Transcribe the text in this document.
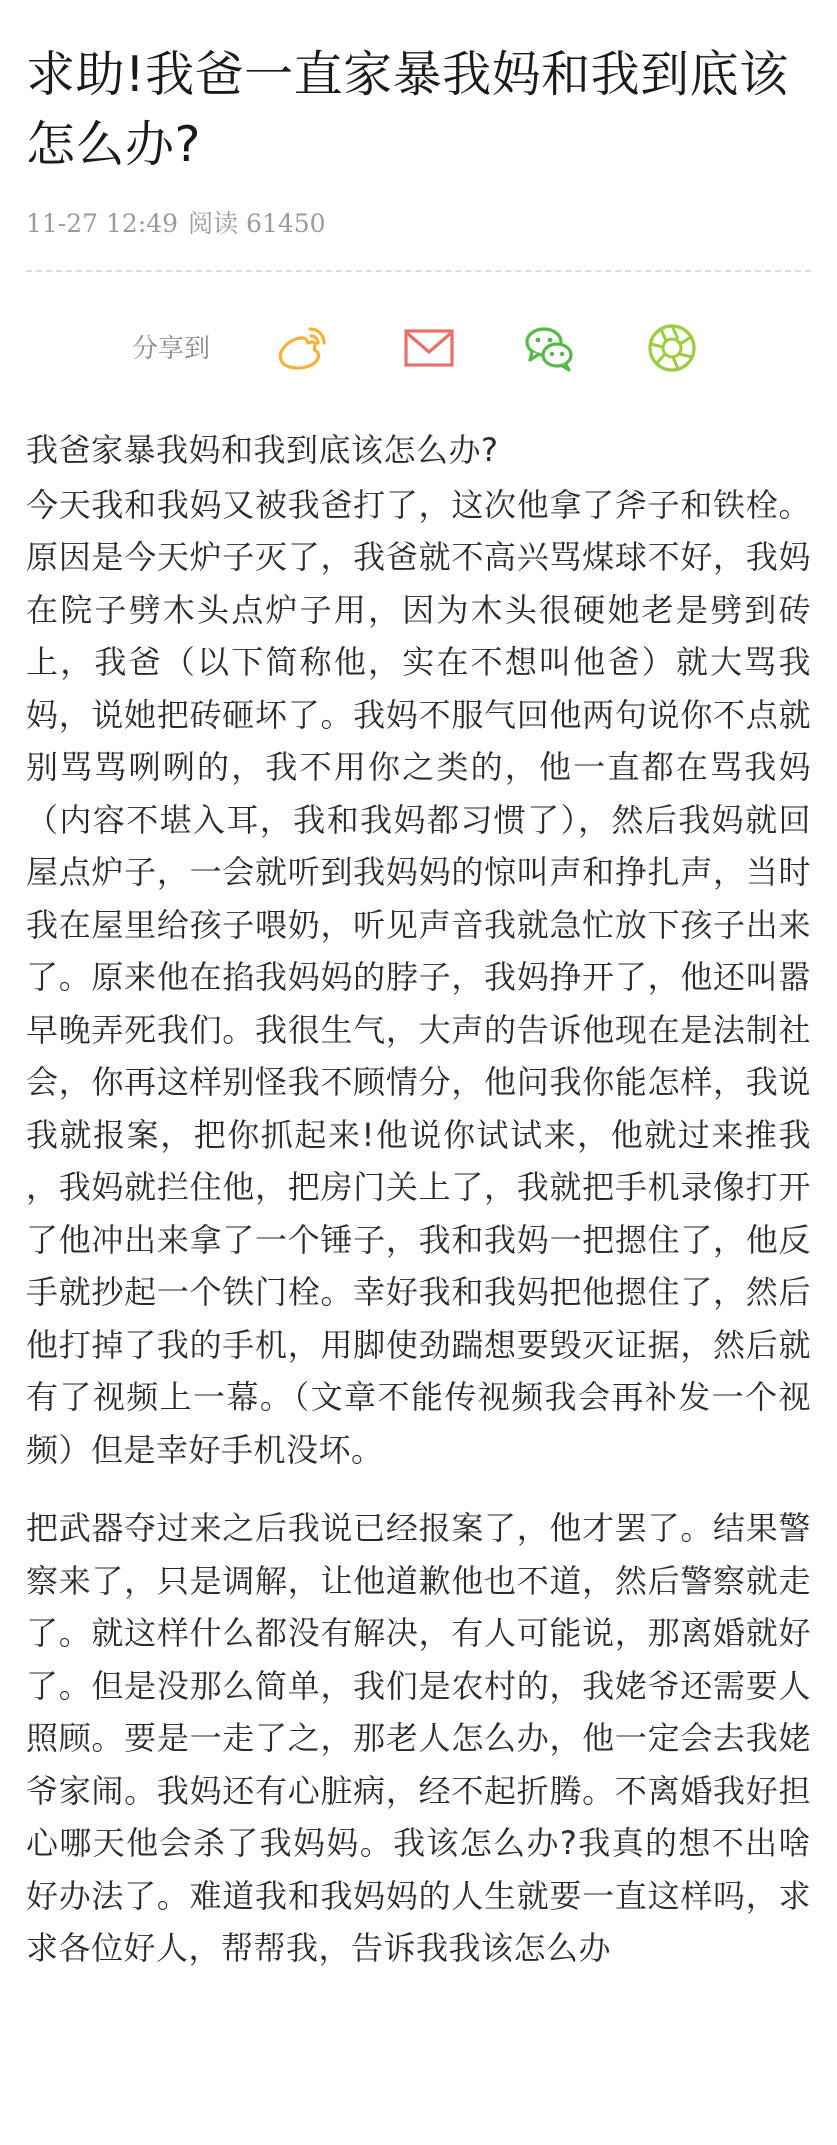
求助!我爸一直家暴我妈和我到底该怎么办?
11-27 12:49 阅读 61450
分享到

我爸家暴我妈和我到底该怎么办?

今天我和我妈又被我爸打了，这次他拿了斧子和铁栓。原因是今天炉子灭了，我爸就不高兴骂煤球不好，我妈在院子劈木头点炉子用，因为木头很硬她老是劈到砖上，我爸（以下简称他，实在不想叫他爸）就大骂我妈，说她把砖砸坏了。我妈不服气回他两句说你不点就别骂骂咧咧的，我不用你之类的，他一直都在骂我妈（内容不堪入耳，我和我妈都习惯了），然后我妈就回屋点炉子，一会就听到我妈妈的惊叫声和挣扎声，当时我在屋里给孩子喂奶，听见声音我就急忙放下孩子出来了。原来他在掐我妈妈的脖子，我妈挣开了，他还叫嚣早晚弄死我们。我很生气，大声的告诉他现在是法制社会，你再这样别怪我不顾情分，他问我你能怎样，我说我就报案，把你抓起来!他说你试试来，他就过来推我 ，我妈就拦住他，把房门关上了，我就把手机录像打开了他冲出来拿了一个锤子，我和我妈一把摁住了，他反手就抄起一个铁门栓。幸好我和我妈把他摁住了，然后他打掉了我的手机，用脚使劲踹想要毁灭证据，然后就有了视频上一幕。（文章不能传视频我会再补发一个视频）但是幸好手机没坏。

把武器夺过来之后我说已经报案了，他才罢了。结果警察来了，只是调解，让他道歉他也不道，然后警察就走了。就这样什么都没有解决，有人可能说，那离婚就好了。但是没那么简单，我们是农村的，我姥爷还需要人照顾。要是一走了之，那老人怎么办，他一定会去我姥爷家闹。我妈还有心脏病，经不起折腾。不离婚我好担心哪天他会杀了我妈妈。我该怎么办?我真的想不出啥好办法了。难道我和我妈妈的人生就要一直这样吗，求求各位好人，帮帮我，告诉我我该怎么办
